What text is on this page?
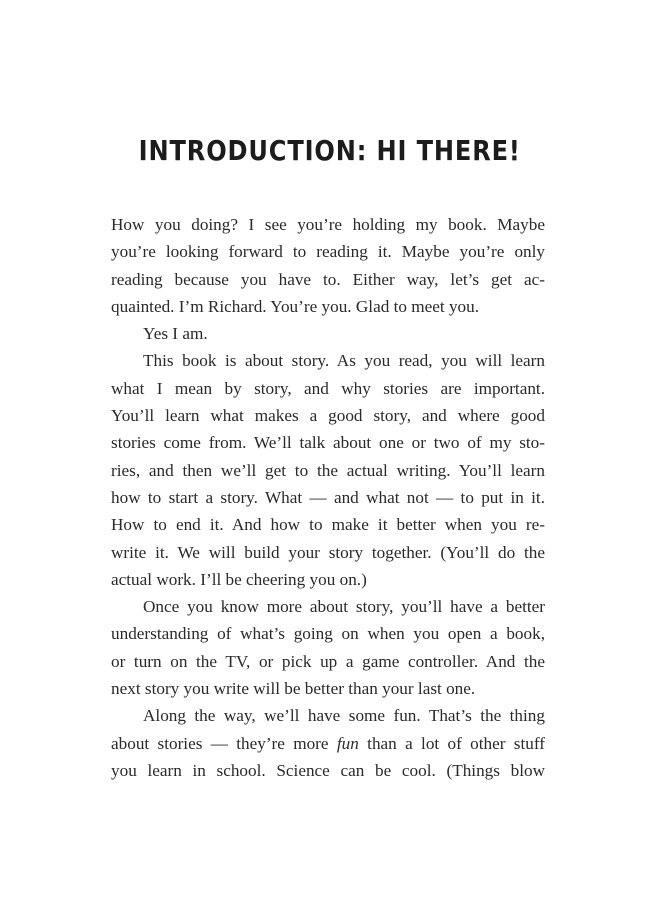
INTRODUCTION: HI THERE!
How you doing? I see you’re holding my book. Maybe
you’re looking forward to reading it. Maybe you’re only
reading because you have to. Either way, let’s get ac-
quainted. I’m Richard. You’re you. Glad to meet you.
Yes I am.
This book is about story. As you read, you will learn
what I mean by story, and why stories are important.
You’ll learn what makes a good story, and where good
stories come from. We’ll talk about one or two of my sto-
ries, and then we’ll get to the actual writing. You’ll learn
how to start a story. What — and what not — to put in it.
How to end it. And how to make it better when you re-
write it. We will build your story together. (You’ll do the
actual work. I’ll be cheering you on.)
Once you know more about story, you’ll have a better
understanding of what’s going on when you open a book,
or turn on the TV, or pick up a game controller. And the
next story you write will be better than your last one.
Along the way, we’ll have some fun. That’s the thing
about stories — they’re more fun than a lot of other stuff
you learn in school. Science can be cool. (Things blow
